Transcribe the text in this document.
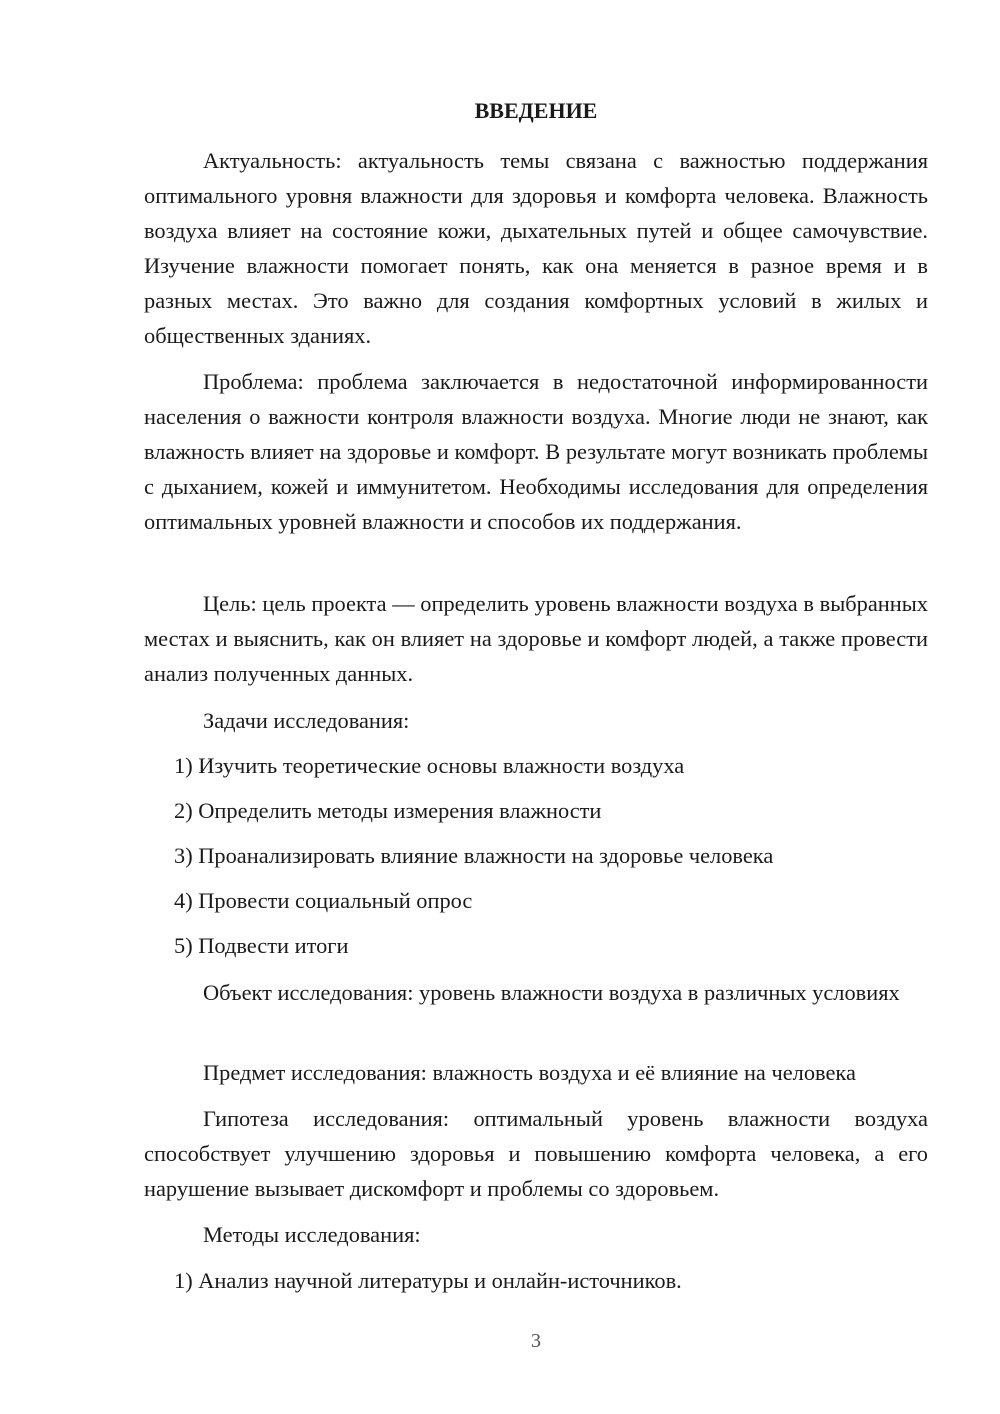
ВВЕДЕНИЕ

Актуальность: актуальность темы связана с важностью поддержания оптимального уровня влажности для здоровья и комфорта человека. Влажность воздуха влияет на состояние кожи, дыхательных путей и общее самочувствие. Изучение влажности помогает понять, как она меняется в разное время и в разных местах. Это важно для создания комфортных условий в жилых и общественных зданиях.

Проблема: проблема заключается в недостаточной информированности населения о важности контроля влажности воздуха. Многие люди не знают, как влажность влияет на здоровье и комфорт. В результате могут возникать проблемы с дыханием, кожей и иммунитетом. Необходимы исследования для определения оптимальных уровней влажности и способов их поддержания.

Цель: цель проекта — определить уровень влажности воздуха в выбранных местах и выяснить, как он влияет на здоровье и комфорт людей, а также провести анализ полученных данных.

Задачи исследования:

1) Изучить теоретические основы влажности воздуха

2) Определить методы измерения влажности

3) Проанализировать влияние влажности на здоровье человека

4) Провести социальный опрос

5) Подвести итоги

Объект исследования: уровень влажности воздуха в различных условиях

Предмет исследования: влажность воздуха и её влияние на человека

Гипотеза исследования: оптимальный уровень влажности воздуха способствует улучшению здоровья и повышению комфорта человека, а его нарушение вызывает дискомфорт и проблемы со здоровьем.

Методы исследования:

1) Анализ научной литературы и онлайн-источников.

3
